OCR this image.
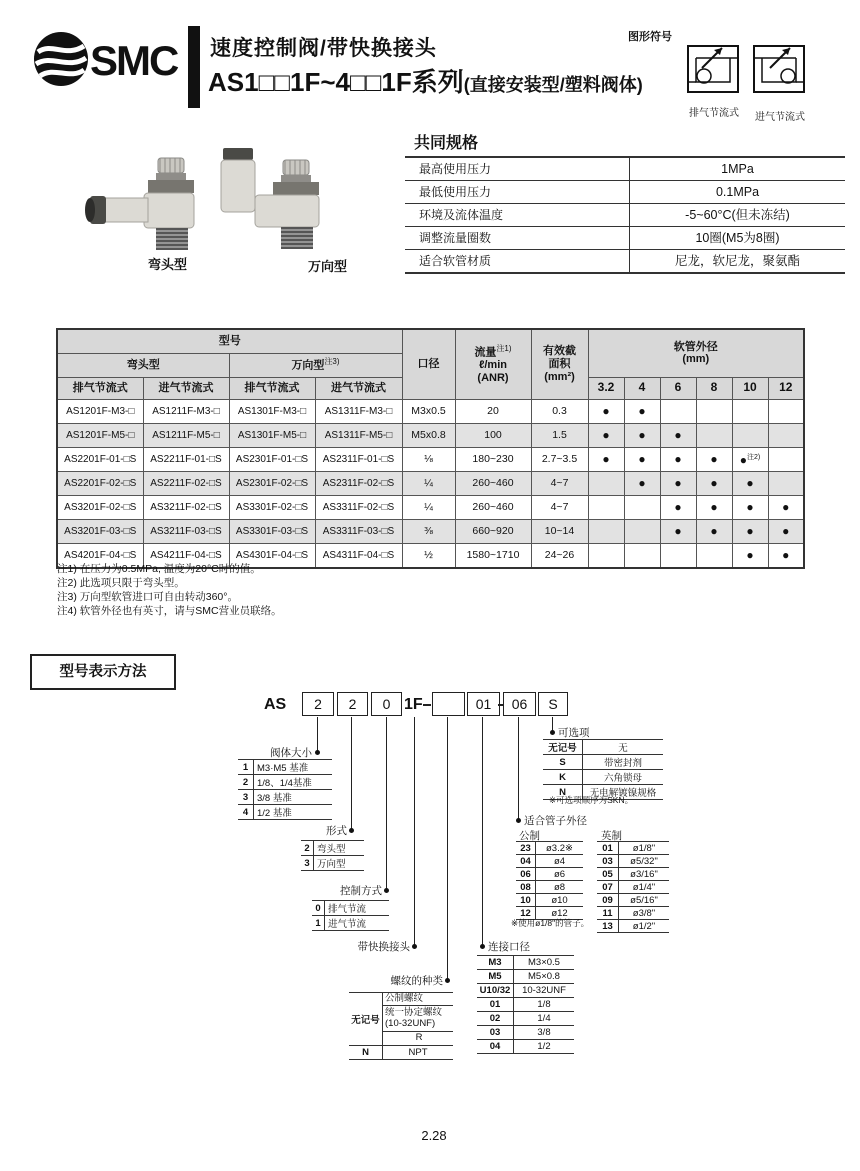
SMC 速度控制阀/带快换接头
AS1□□1F~4□□1F系列(直接安装型/塑料阀体)
图形符号
排气节流式	进气节流式
弯头型	万向型
共同规格
最高使用压力	1MPa
最低使用压力	0.1MPa
环境及流体温度	-5~60°C(但未冻结)
调整流量圈数	10圈(M5为8圈)
适合软管材质	尼龙，软尼龙，聚氨酯
型号				口径	流量$^{注1)}$
ℓ/min
(ANR)	有效截
面积
(mm²)	软管外径
(mm)					
弯头型		万向型$^{注3)}$
排气节流式	进气节流式	排气节流式	进气节流式				3.2	4	6	8	10	12
AS1201F-M3-□	AS1211F-M3-□	AS1301F-M3-□	AS1311F-M3-□	M3x0.5	20	0.3	●	●				
AS1201F-M5-□	AS1211F-M5-□	AS1301F-M5-□	AS1311F-M5-□	M5x0.8	100	1.5	●	●	●			
AS2201F-01-□S	AS2211F-01-□S	AS2301F-01-□S	AS2311F-01-□S	⅛	180~230	2.7~3.5	●	●	●	●	●$^{注2)}$	
AS2201F-02-□S	AS2211F-02-□S	AS2301F-02-□S	AS2311F-02-□S	¼	260~460	4~7		●	●	●	●	
AS3201F-02-□S	AS3211F-02-□S	AS3301F-02-□S	AS3311F-02-□S	¼	260~460	4~7			●	●	●	●
AS3201F-03-□S	AS3211F-03-□S	AS3301F-03-□S	AS3311F-03-□S	⅜	660~920	10~14			●	●	●	●
AS4201F-04-□S	AS4211F-04-□S	AS4301F-04-□S	AS4311F-04-□S	½	1580~1710	24~26					●	●
注1) 在压力为0.5MPa, 温度为20°C时的值。
注2) 此选项只限于弯头型。
注3) 万向型软管进口可自由转动360°。
注4) 软管外径也有英寸，请与SMC营业员联络。
型号表示方法
AS	2	2	0 1F	01	06	S
阀体大小
形式
控制方式
带快换接头
螺纹的种类
连接口径
适合管子外径
可选项
1 M3·M5 基准
2 1/8、1/4基准
3 3/8 基准
4 1/2 基准
2 弯头型
3 万向型
0 排气节流
1 进气节流
M3	M3×0.5
M5	M5×0.8
U10/32	10-32UNF
01	1/8
02	1/4
03	3/8
04	1/2
无记号	无
S	带密封剂
K	六角锁母
N	无电解镀镍规格
※可选项顺序为SKN。
公制
23	ø3.2※
04	ø4
06	ø6
08	ø8
10	ø10
12	ø12
※使用ø1/8"的管子。
英制
01	ø1/8"
03	ø5/32"
05	ø3/16"
07	ø1/4"
09	ø5/16"
11	ø3/8"
13	ø1/2"
无记号
公制螺纹
统一协定螺纹 (10-32UNF)
R
N	NPT
2.28
